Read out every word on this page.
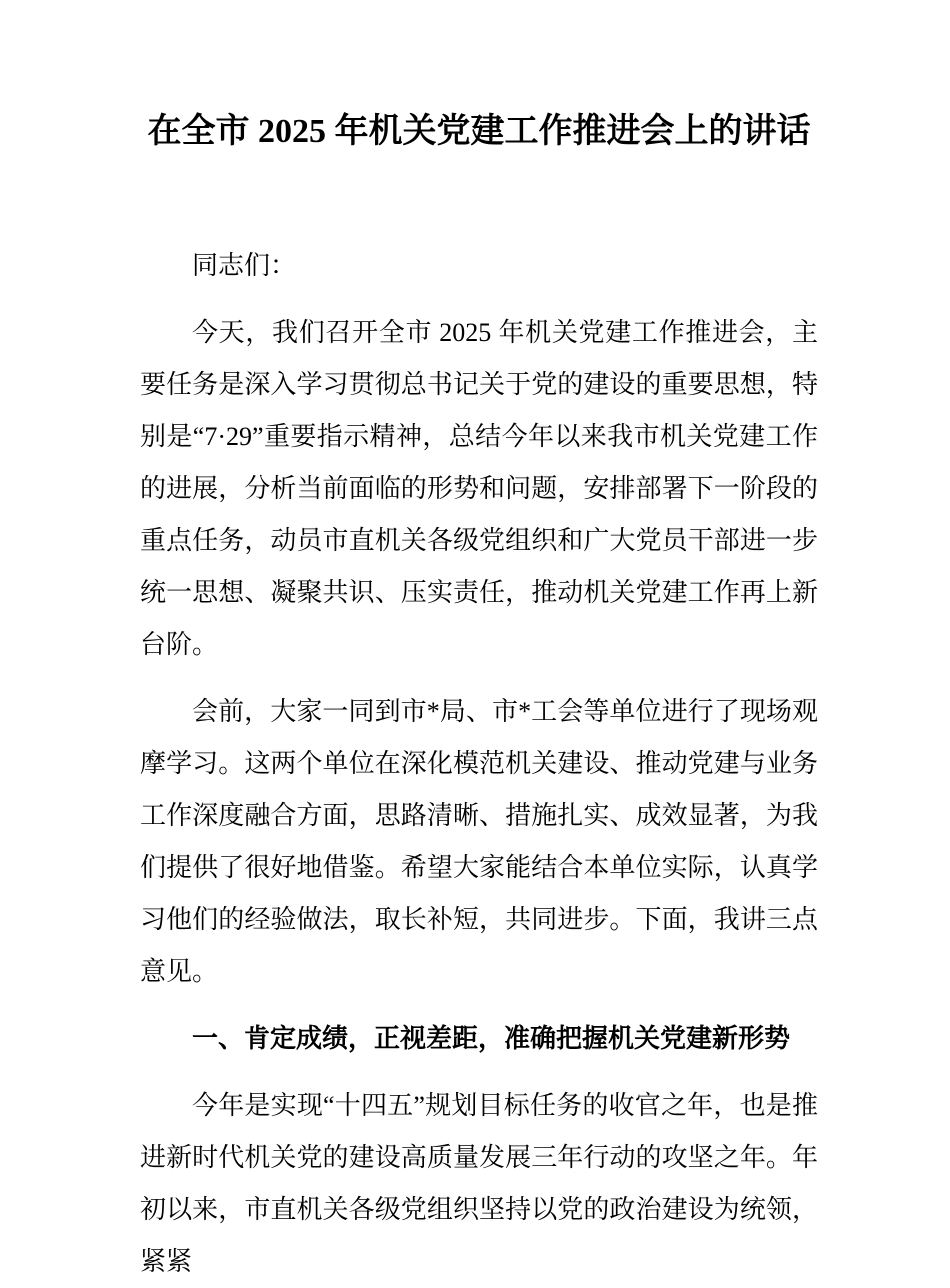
在全市 2025 年机关党建工作推进会上的讲话

同志们：

今天，我们召开全市 2025 年机关党建工作推进会，主要任务是深入学习贯彻总书记关于党的建设的重要思想，特别是“7·29”重要指示精神，总结今年以来我市机关党建工作的进展，分析当前面临的形势和问题，安排部署下一阶段的重点任务，动员市直机关各级党组织和广大党员干部进一步统一思想、凝聚共识、压实责任，推动机关党建工作再上新台阶。

会前，大家一同到市*局、市*工会等单位进行了现场观摩学习。这两个单位在深化模范机关建设、推动党建与业务工作深度融合方面，思路清晰、措施扎实、成效显著，为我们提供了很好地借鉴。希望大家能结合本单位实际，认真学习他们的经验做法，取长补短，共同进步。下面，我讲三点意见。

一、肯定成绩，正视差距，准确把握机关党建新形势

今年是实现“十四五”规划目标任务的收官之年，也是推进新时代机关党的建设高质量发展三年行动的攻坚之年。年初以来，市直机关各级党组织坚持以党的政治建设为统领，紧紧
